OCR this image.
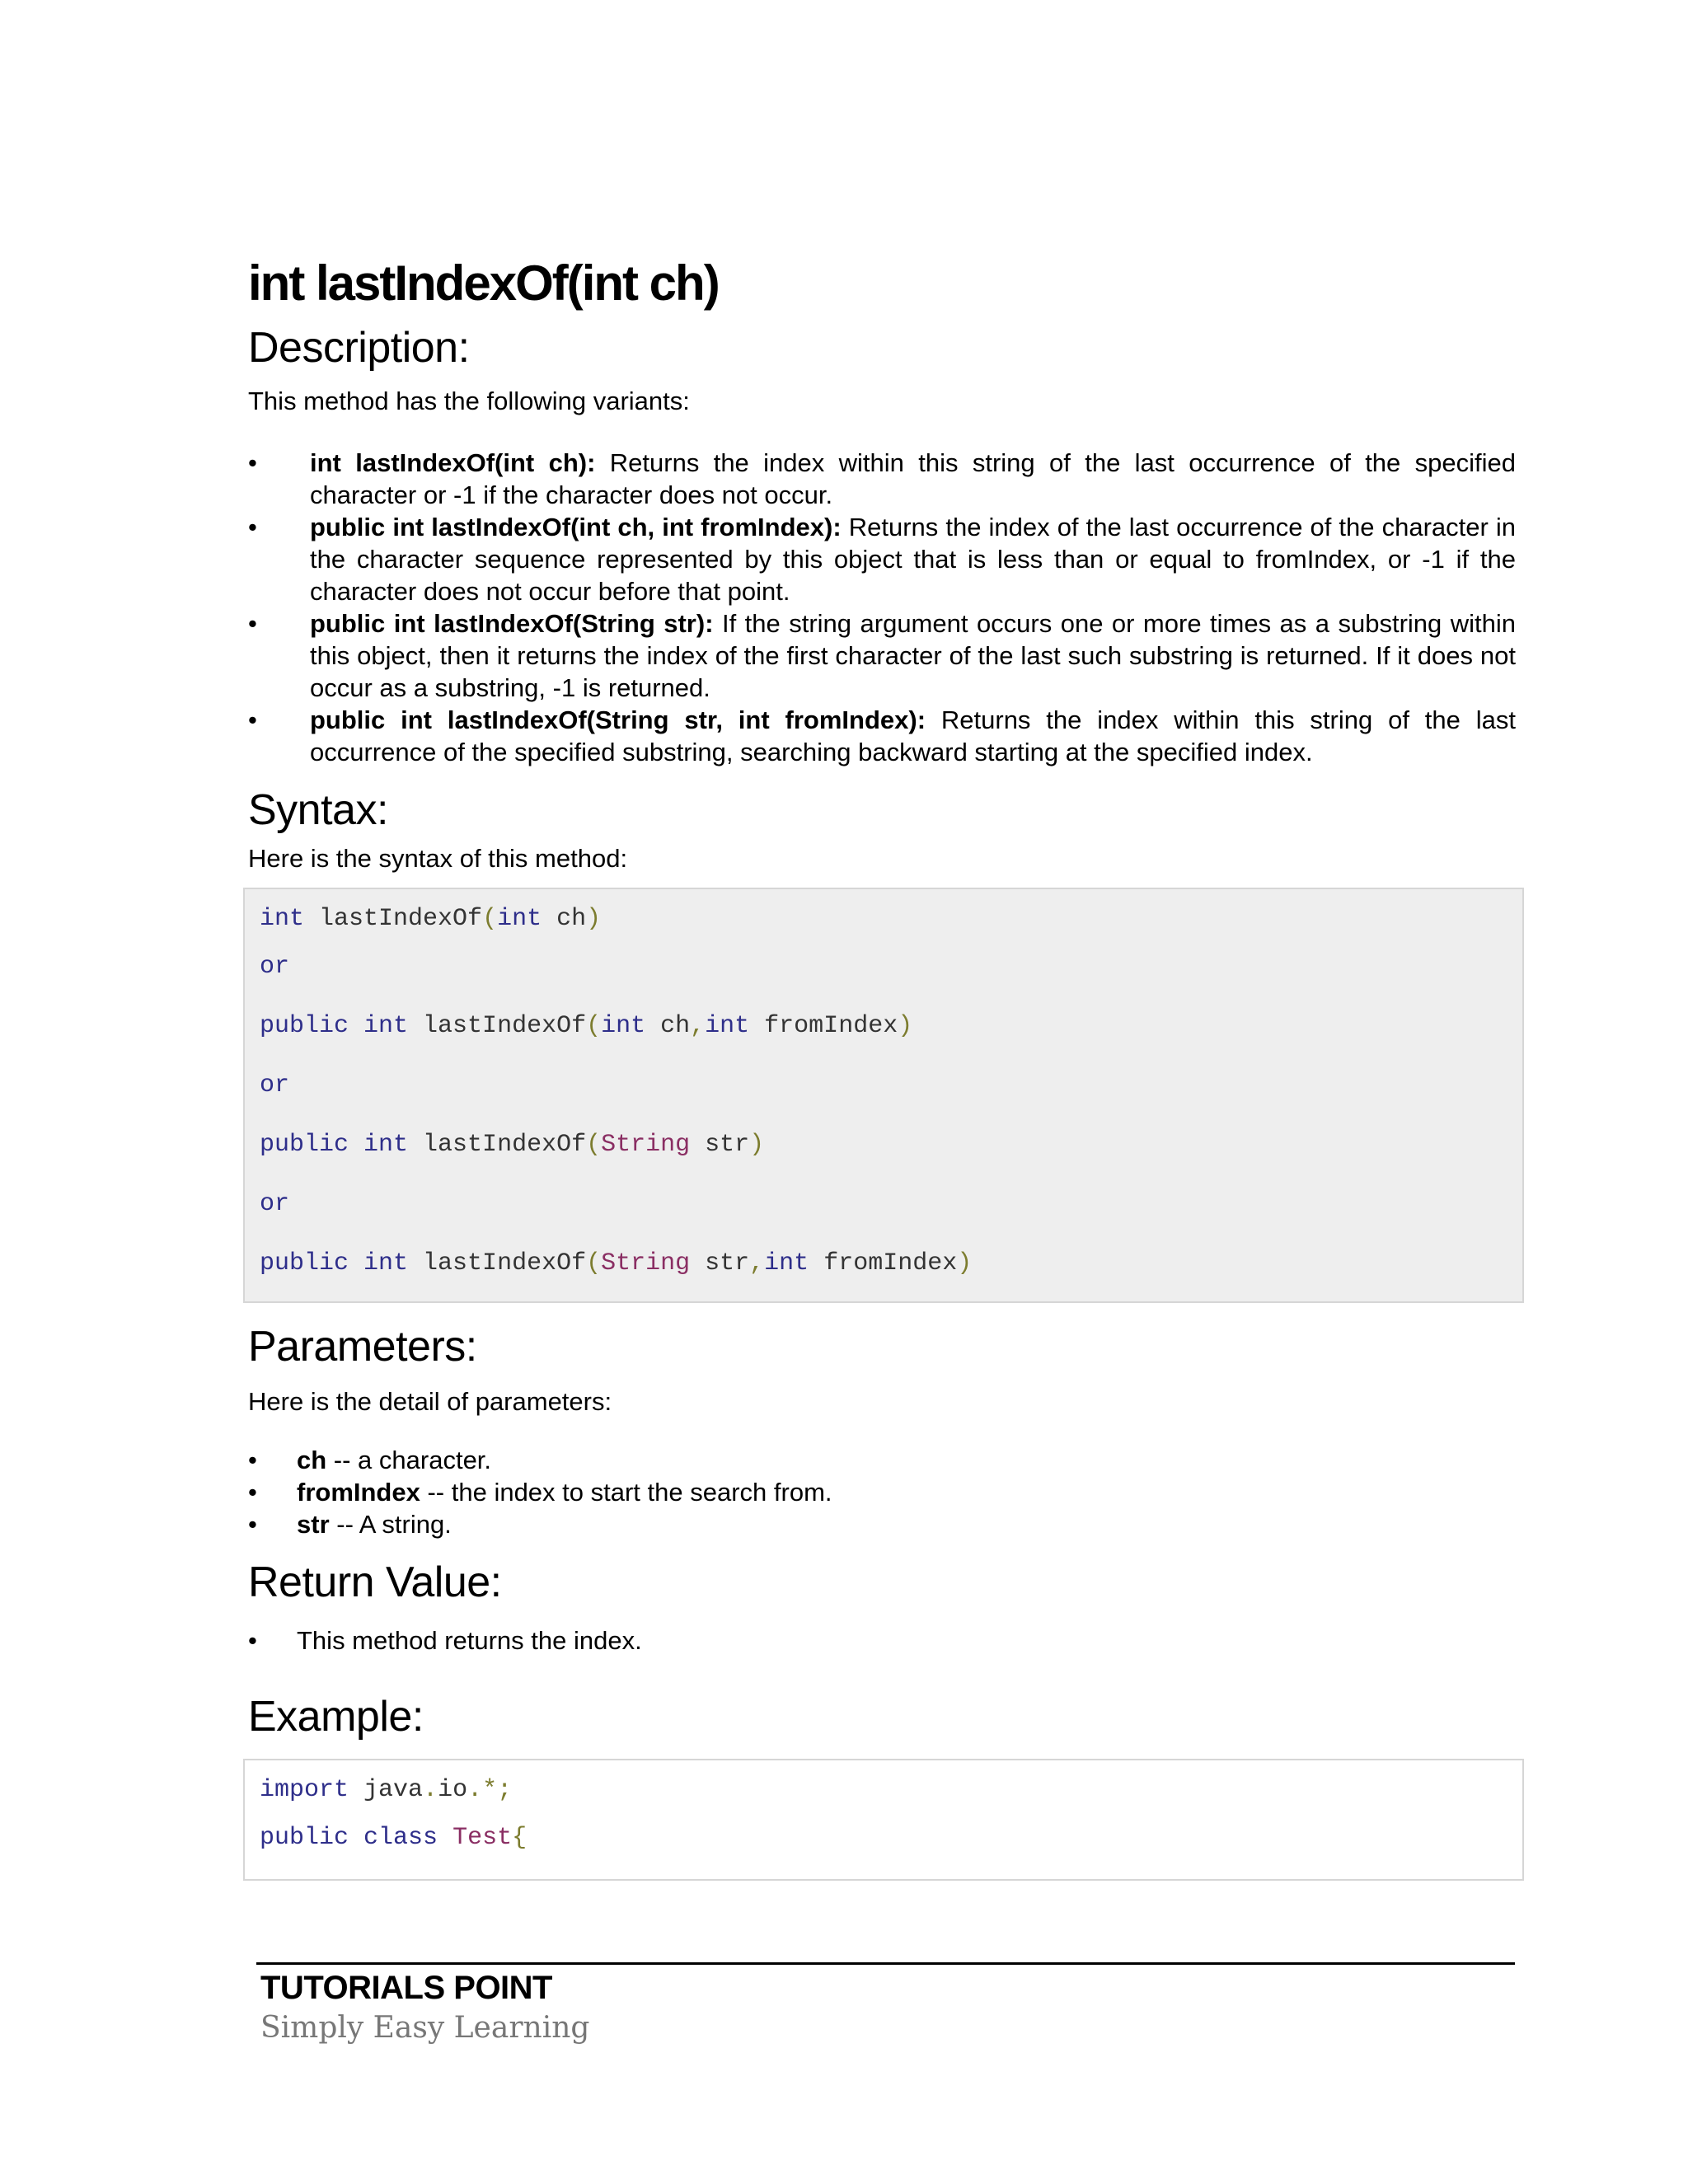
int lastIndexOf(int ch)
Description:

This method has the following variants:

• int lastIndexOf(int ch): Returns the index within this string of the last occurrence of the specified character or -1 if the character does not occur.
• public int lastIndexOf(int ch, int fromIndex): Returns the index of the last occurrence of the character in the character sequence represented by this object that is less than or equal to fromIndex, or -1 if the character does not occur before that point.
• public int lastIndexOf(String str): If the string argument occurs one or more times as a substring within this object, then it returns the index of the first character of the last such substring is returned. If it does not occur as a substring, -1 is returned.
• public int lastIndexOf(String str, int fromIndex): Returns the index within this string of the last occurrence of the specified substring, searching backward starting at the specified index.
Syntax:

Here is the syntax of this method:

int lastIndexOf(int ch)
or
public int lastIndexOf(int ch,int fromIndex)
or
public int lastIndexOf(String str)
or
public int lastIndexOf(String str,int fromIndex)
Parameters:

Here is the detail of parameters:

• ch -- a character.
• fromIndex -- the index to start the search from.
• str -- A string.
Return Value:
• This method returns the index.
Example:
import java.io.*;
public class Test{
TUTORIALS POINT
Simply Easy Learning
